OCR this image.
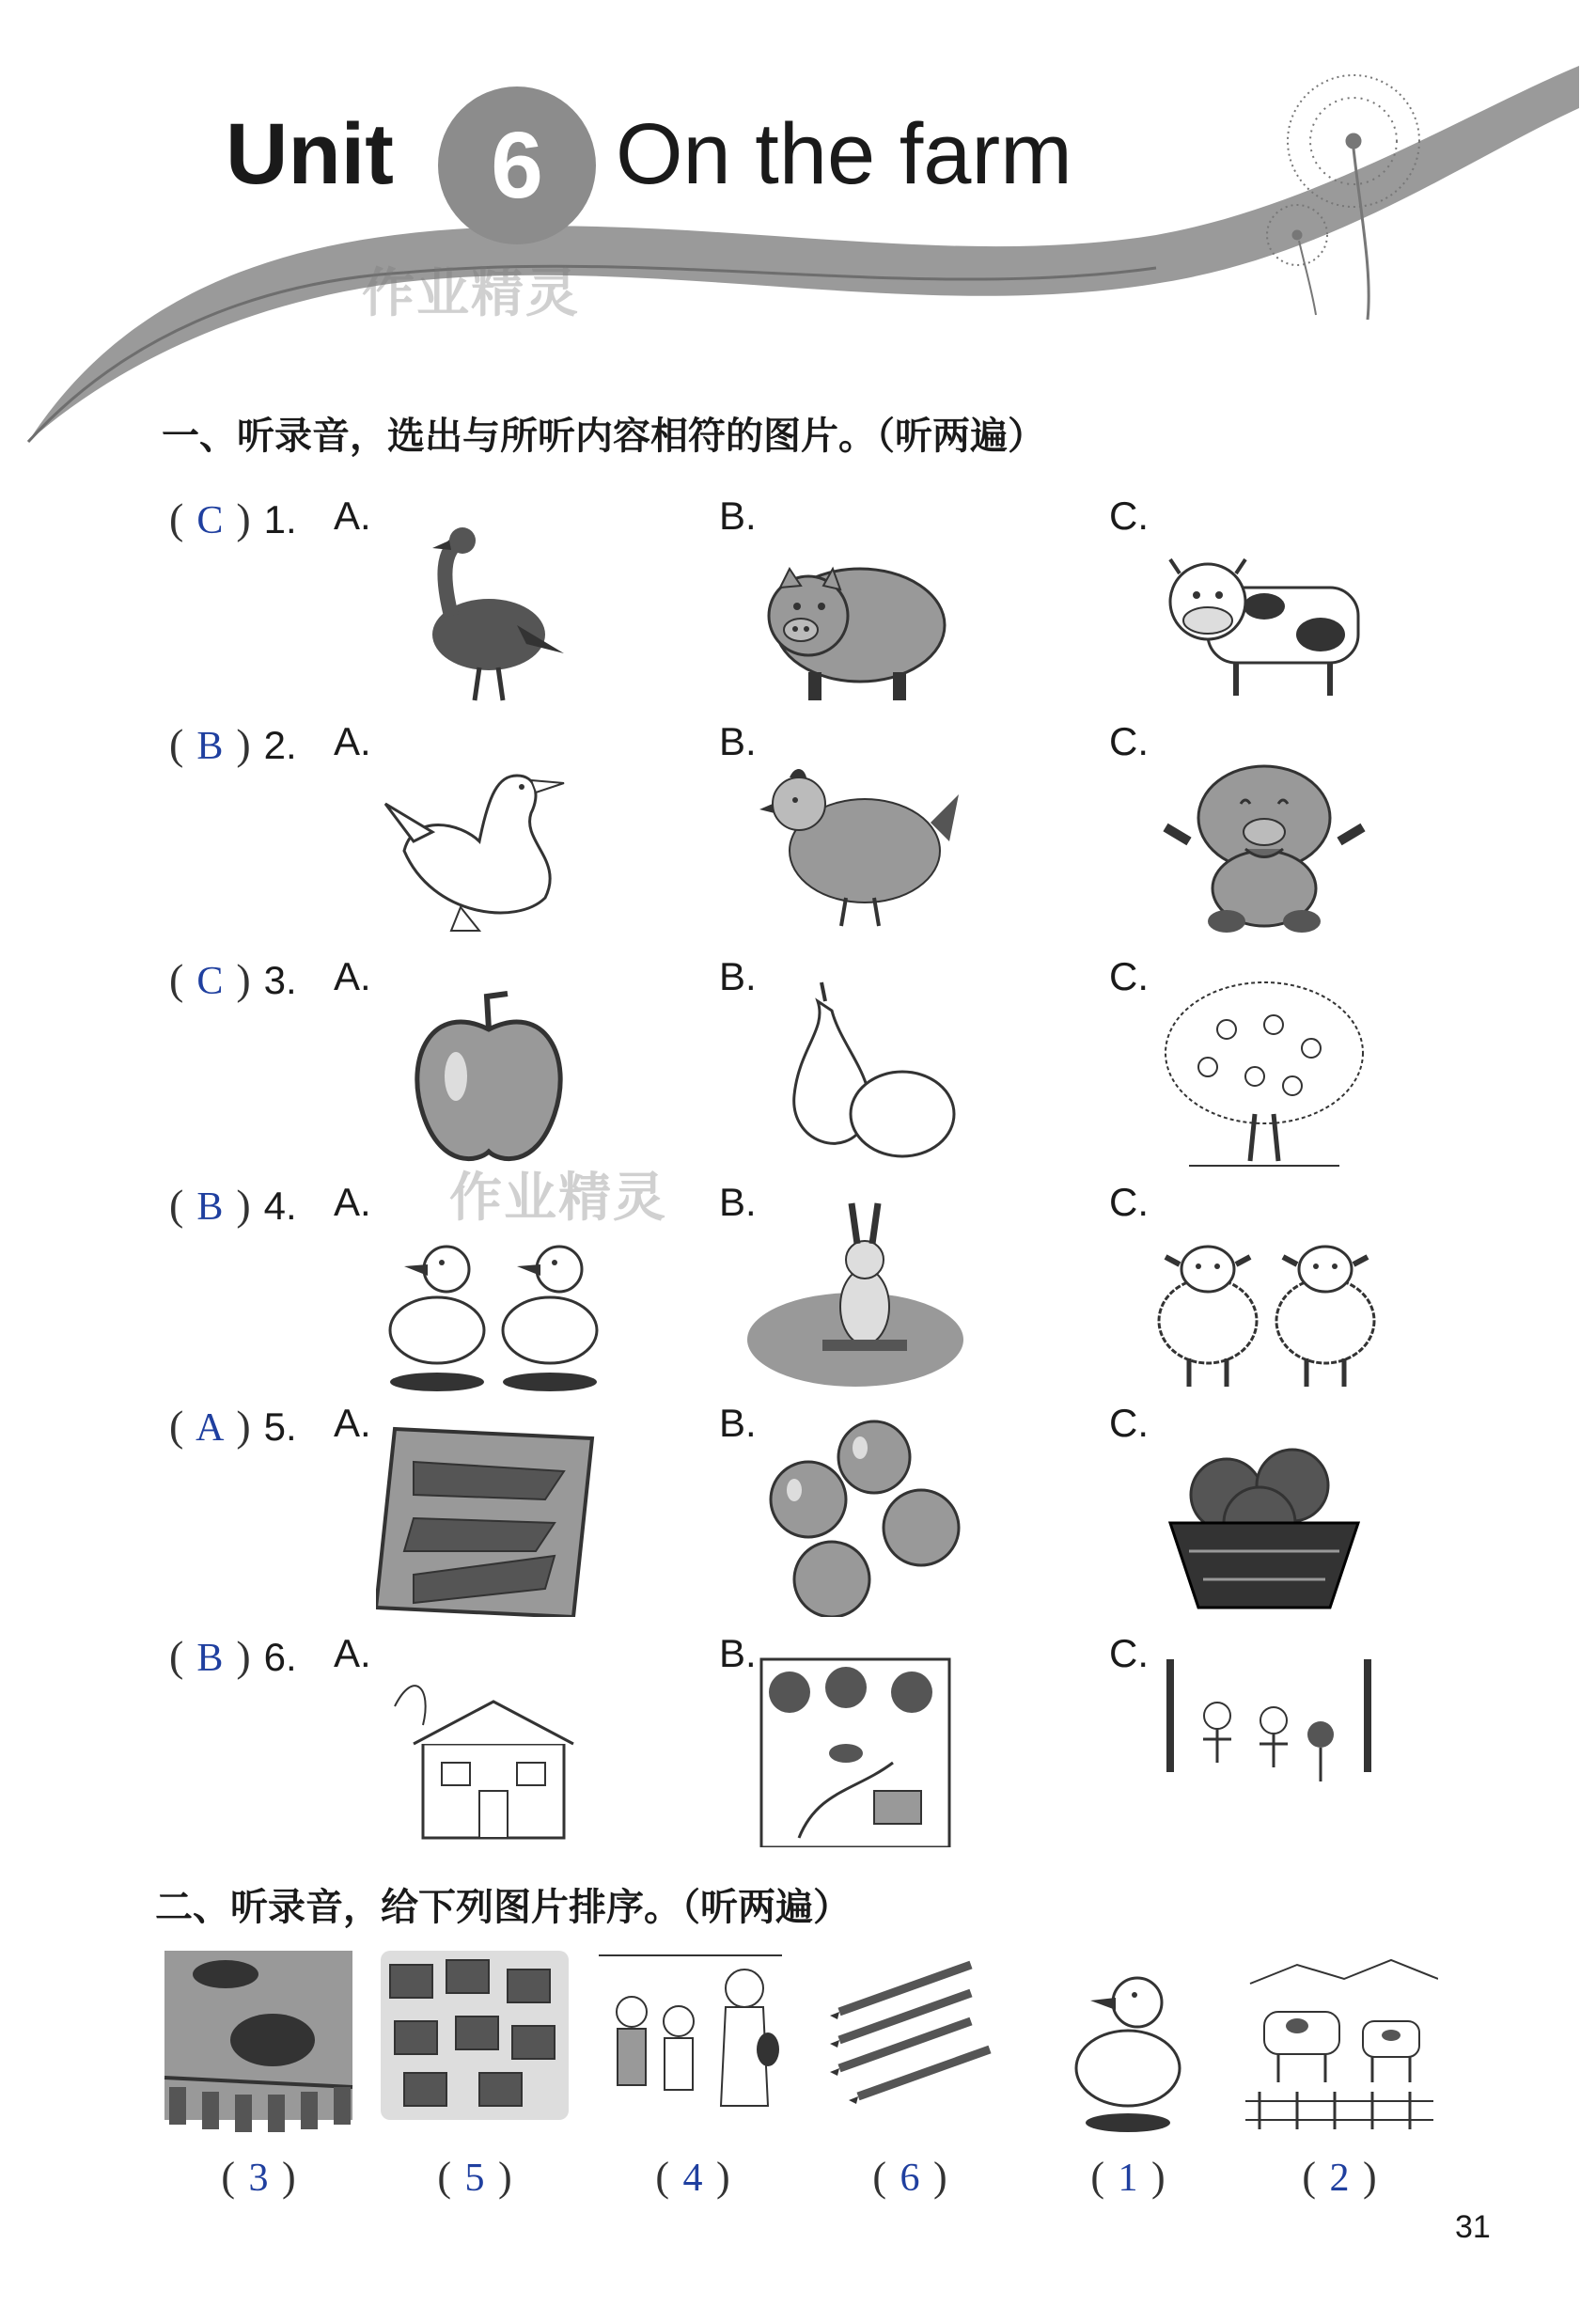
Unit	6 On the farm
作业精灵
作业精灵
一、听录音，选出与所听内容相符的图片。（听两遍）
( C ) 1. A.	B.	C.
( B ) 2. A.	B.	C.
( C ) 3. A.	B.	C.
( B ) 4. A.	B.	C.
( A ) 5. A.	B.	C.
( B ) 6. A.	B.	C.
二、听录音，给下列图片排序。（听两遍）
( 3 )	( 5 )	( 4 )	( 6 )	( 1 )	( 2 )
31
